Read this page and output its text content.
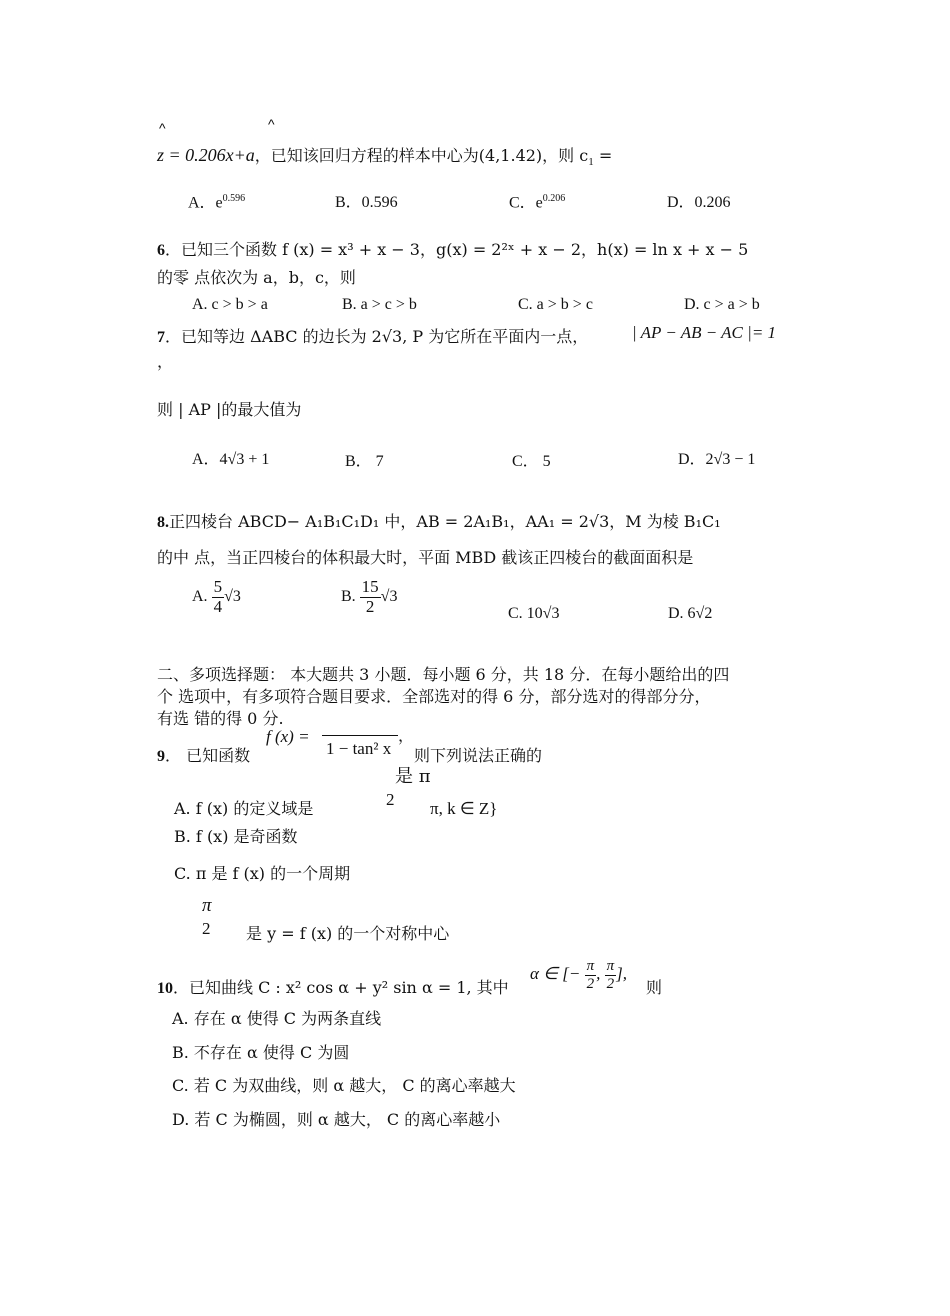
^	^
z = 0.206x+a，已知该回归方程的样本中心为(4,1.42)，则 $c_1$ =
A．$e^{0.596}$	B．0.596	C．$e^{0.206}$	D．0.206
6．已知三个函数 f (x) = x³ + x − 3，g(x) = 2²ˣ + x − 2，h(x) = ln x + x − 5
的零 点依次为 a，b，c，则
A. c > b > a	B. a > c > b	C. a > b > c	D. c > a > b
7．已知等边 ΔABC 的边长为 2√3, P 为它所在平面内一点，	| AP − AB − AC |= 1
，
则 | AP |的最大值为
A．4√3 + 1	B． 7	C． 5	D．2√3 − 1
8.正四棱台 ABCD− A₁B₁C₁D₁ 中，AB = 2A₁B₁，AA₁ = 2√3，M 为棱 B₁C₁
的中 点，当正四棱台的体积最大时，平面 MBD 截该正四棱台的截面面积是
A. $\frac{5}{4} √3$	B. $\frac{15}{2} √3$
C. 10√3	D. 6√2
二、多项选择题： 本大题共 3 小题．每小题 6 分，共 18 分．在每小题给出的四
个 选项中，有多项符合题目要求．全部选对的得 6 分，部分选对的得部分分，
有选 错的得 0 分.
9． 已知函数
f (x) =
1 − tan² x
，
则下列说法正确的
是 π
A. f (x) 的定义域是	2 π, k ∈ Z}
B. f (x) 是奇函数
C. π 是 f (x) 的一个周期
π
2 是 y = f (x) 的一个对称中心
10．已知曲线 C : x² cos α + y² sin α = 1, 其中
α ∈ [− $\frac{\pi}{2}$ , $\frac{\pi}{2}$ ],
则
A. 存在 α 使得 C 为两条直线
B. 不存在 α 使得 C 为圆
C. 若 C 为双曲线，则 α 越大， C 的离心率越大
D. 若 C 为椭圆，则 α 越大， C 的离心率越小
